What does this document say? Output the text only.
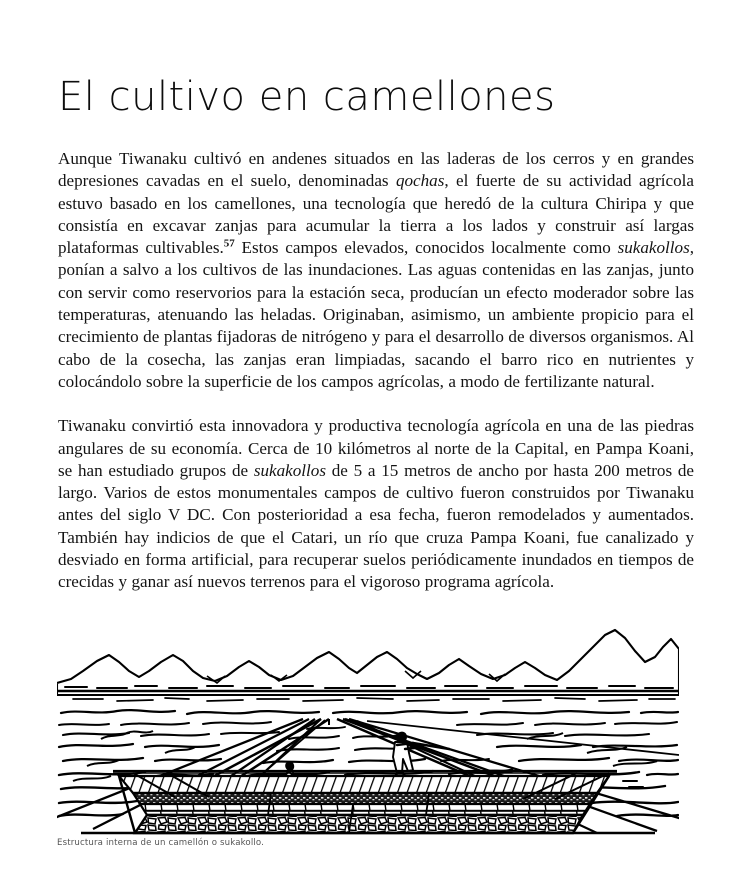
El cultivo en camellones

Aunque Tiwanaku cultivó en andenes situados en las laderas de los cerros y en grandes depresiones cavadas en el suelo, denominadas qochas, el fuerte de su actividad agrícola estuvo basado en los camellones, una tecnología que heredó de la cultura Chiripa y que consistía en excavar zanjas para acumular la tierra a los lados y construir así largas plataformas cultivables.$^{57}$ Estos campos elevados, conocidos localmente como sukakollos, ponían a salvo a los cultivos de las inundaciones. Las aguas contenidas en las zanjas, junto con servir como reservorios para la estación seca, producían un efecto moderador sobre las temperaturas, atenuando las heladas. Originaban, asimismo, un ambiente propicio para el crecimiento de plantas fijadoras de nitrógeno y para el desarrollo de diversos organismos. Al cabo de la cosecha, las zanjas eran limpiadas, sacando el barro rico en nutrientes y colocándolo sobre la superficie de los campos agrícolas, a modo de fertilizante natural.

Tiwanaku convirtió esta innovadora y productiva tecnología agrícola en una de las piedras angulares de su economía. Cerca de 10 kilómetros al norte de la Capital, en Pampa Koani, se han estudiado grupos de sukakollos de 5 a 15 metros de ancho por hasta 200 metros de largo. Varios de estos monumentales campos de cultivo fueron construidos por Tiwanaku antes del siglo V DC. Con posterioridad a esa fecha, fueron remodelados y aumentados. También hay indicios de que el Catari, un río que cruza Pampa Koani, fue canalizado y desviado en forma artificial, para recuperar suelos periódicamente inundados en tiempos de crecidas y ganar así nuevos terrenos para el vigoroso programa agrícola.

Estructura interna de un camellón o sukakollo.
